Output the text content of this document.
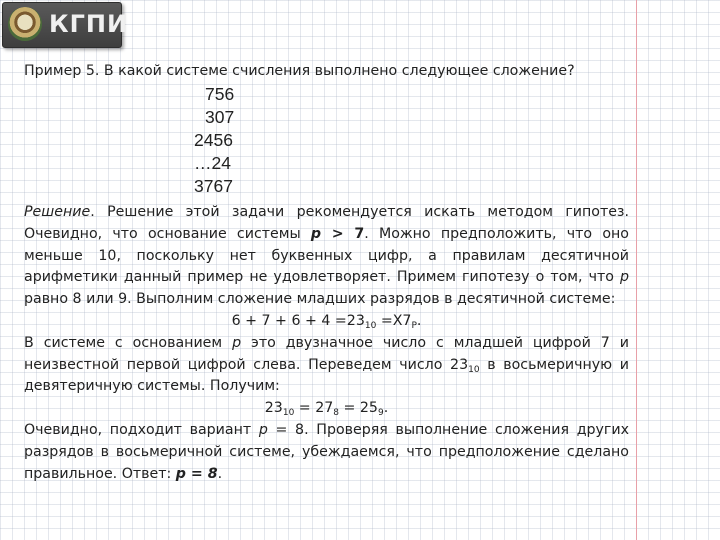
КГПИ
Пример 5. В какой системе счисления выполнено следующее сложение?
756
307
2456
…24
3767
Решение. Решение этой задачи рекомендуется искать методом гипотез.
Очевидно, что основание системы p > 7. Можно предположить, что оно
меньше 10, поскольку нет буквенных цифр, а правилам десятичной
арифметики данный пример не удовлетворяет. Примем гипотезу о том, что p
равно 8 или 9. Выполним сложение младших разрядов в десятичной системе:
$6 + 7 + 6 + 4 =23_{10} =Х7_Р$.
В системе с основанием p это двузначное число с младшей цифрой 7 и
неизвестной первой цифрой слева. Переведем число $23_{10}$ в восьмеричную и
девятеричную системы. Получим:
$23_{10} = 27_8 = 25_9$.
Очевидно, подходит вариант p = 8. Проверяя выполнение сложения других
разрядов в восьмеричной системе, убеждаемся, что предположение сделано
правильное. Ответ: p = 8.
